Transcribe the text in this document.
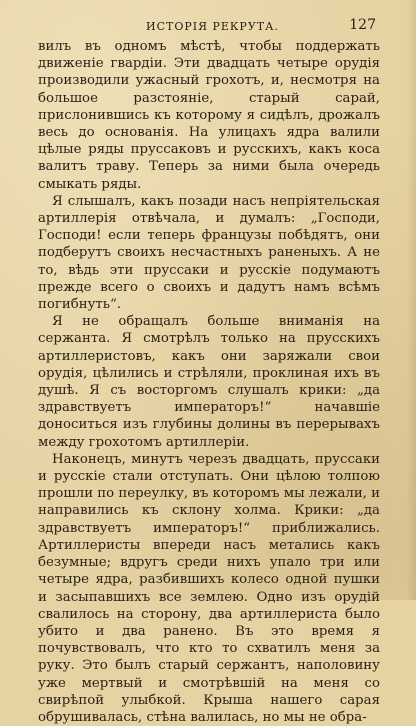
ИСТОРІЯ РЕКРУТА.	127

вилъ въ одномъ мѣстѣ, чтобы поддержать движеніе гвардіи. Эти двадцать четыре орудія производили ужасный грохотъ, и, несмотря на большое разстояніе, старый сарай, прислонившись къ которому я сидѣлъ, дрожалъ весь до основанія. На улицахъ ядра валили цѣлые ряды пруссаковъ и русскихъ, какъ коса валитъ траву. Теперь за ними была очередь смыкать ряды.

Я слышалъ, какъ позади насъ непріятельская артиллерія отвѣчала, и думалъ: „Господи, Господи! если теперь французы побѣдятъ, они подберутъ своихъ несчастныхъ раненыхъ. А не то, вѣдь эти пруссаки и русскіе подумаютъ прежде всего о своихъ и дадутъ намъ всѣмъ погибнуть“.

Я не обращалъ больше вниманія на сержанта. Я смотрѣлъ только на прусскихъ артиллеристовъ, какъ они заряжали свои орудія, цѣлились и стрѣляли, проклиная ихъ въ душѣ. Я съ восторгомъ слушалъ крики: „да здравствуетъ императоръ!“ начавшіе доноситься изъ глубины долины въ перерывахъ между грохотомъ артиллеріи.

Наконецъ, минутъ черезъ двадцать, пруссаки и русскіе стали отступать. Они цѣлою толпою прошли по переулку, въ которомъ мы лежали, и направились къ склону холма. Крики: „да здравствуетъ императоръ!“ приближались. Артиллеристы впереди насъ метались какъ безумные; вдругъ среди нихъ упало три или четыре ядра, разбившихъ колесо одной пушки и засыпавшихъ все землею. Одно изъ орудій свалилось на сторону, два артиллериста было убито и два ранено. Въ это время я почувствовалъ, что кто то схватилъ меня за руку. Это былъ старый сержантъ, наполовину уже мертвый и смотрѣвшій на меня со свирѣпой улыбкой. Крыша нашего сарая обрушивалась, стѣна валилась, но мы не обра-
